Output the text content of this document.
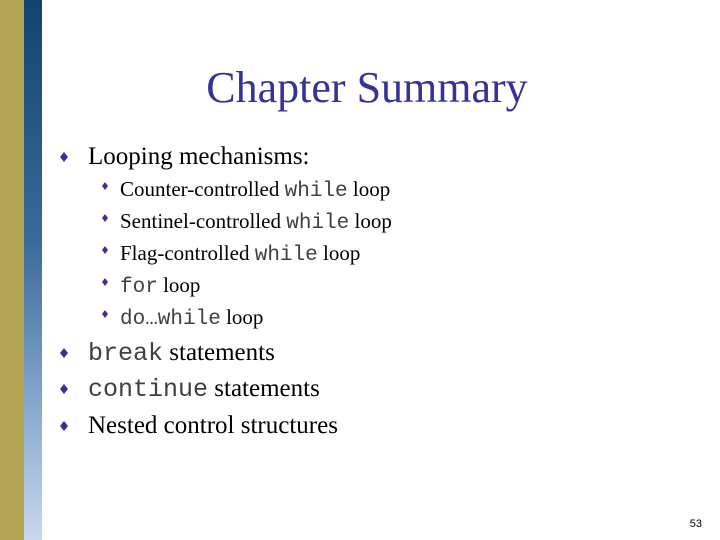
Chapter Summary
Looping mechanisms:
Counter-controlled while loop
Sentinel-controlled while loop
Flag-controlled while loop
for loop
do…while loop
break statements
continue statements
Nested control structures
53
